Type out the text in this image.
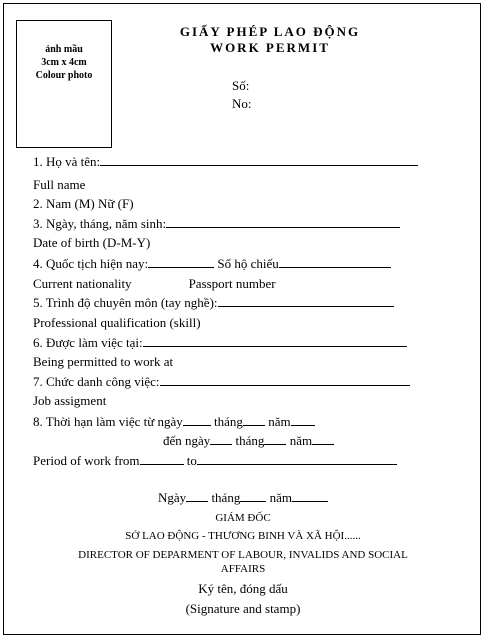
ảnh mầu
3cm x 4cm
Colour photo
GIẤY PHÉP LAO ĐỘNG
WORK PERMIT
Số:
No:
1. Họ và tên:
Full name
2. Nam (M) Nữ (F)
3. Ngày, tháng, năm sinh:
Date of birth (D-M-Y)
4. Quốc tịch hiện nay:	Số hộ chiếu
Current nationality	Passport number
5. Trình độ chuyên môn (tay nghề):
Professional qualification (skill)
6. Được làm việc tại:
Being permitted to work at
7. Chức danh công việc:
Job assigment
8. Thời hạn làm việc từ ngày tháng năm
đến ngày tháng năm
Period of work from	to
Ngày tháng năm
GIÁM ĐỐC
SỞ LAO ĐỘNG - THƯƠNG BINH VÀ XÃ HỘI......
DIRECTOR OF DEPARMENT OF LABOUR, INVALIDS AND SOCIAL
AFFAIRS
Ký tên, đóng dấu
(Signature and stamp)
